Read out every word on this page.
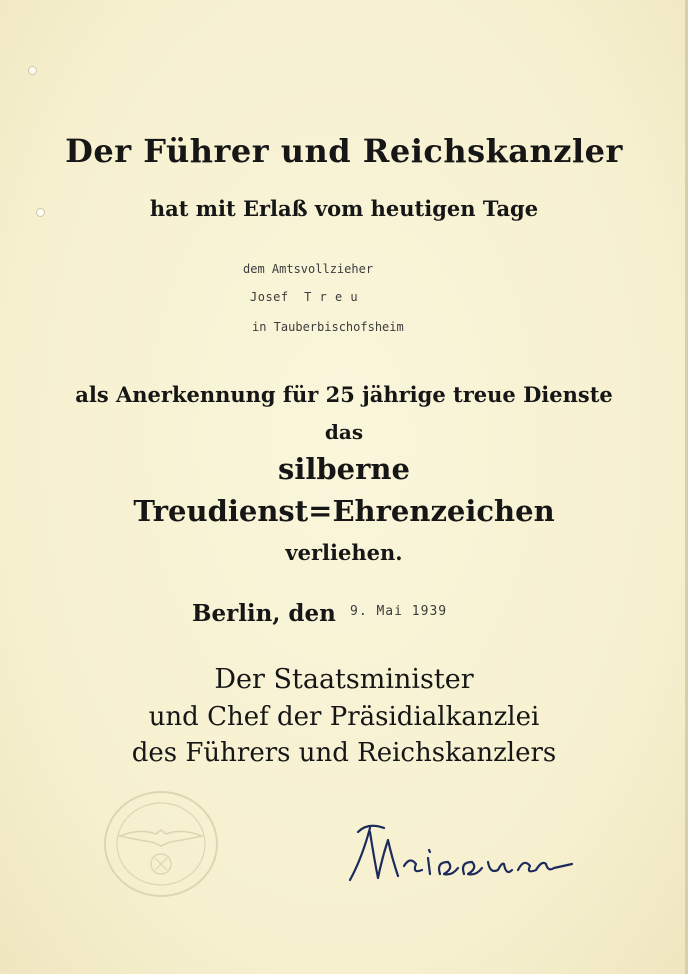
Der Führer und Reichskanzler
hat mit Erlaß vom heutigen Tage
dem Amtsvollzieher
Josef  T r e u
in Tauberbischofsheim
als Anerkennung für 25 jährige treue Dienste
das
silberne
Treudienst=Ehrenzeichen
verliehen.
Berlin, den 9. Mai 1939
Der Staatsminister
und Chef der Präsidialkanzlei
des Führers und Reichskanzlers
